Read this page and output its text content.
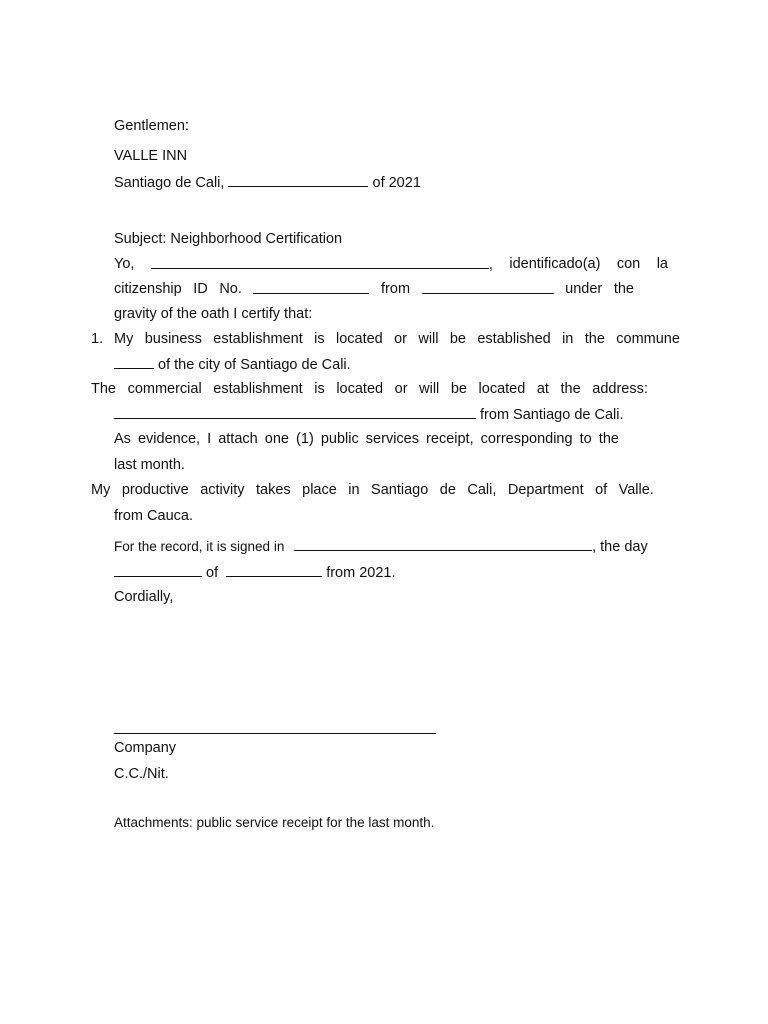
Gentlemen:
VALLE INN
Santiago de Cali,	of 2021
Subject: Neighborhood Certification
Yo,	, identificado(a) con la
citizenship ID No.	from	under the
gravity of the oath I certify that:
1. My business establishment is located or will be established in the commune
of the city of Santiago de Cali.
The commercial establishment is located or will be located at the address:
from Santiago de Cali.
As evidence, I attach one (1) public services receipt, corresponding to the
last month.
My productive activity takes place in Santiago de Cali, Department of Valle.
from Cauca.
For the record, it is signed in	, the day
of	from 2021.
Cordially,
Company
C.C./Nit.
Attachments: public service receipt for the last month.
